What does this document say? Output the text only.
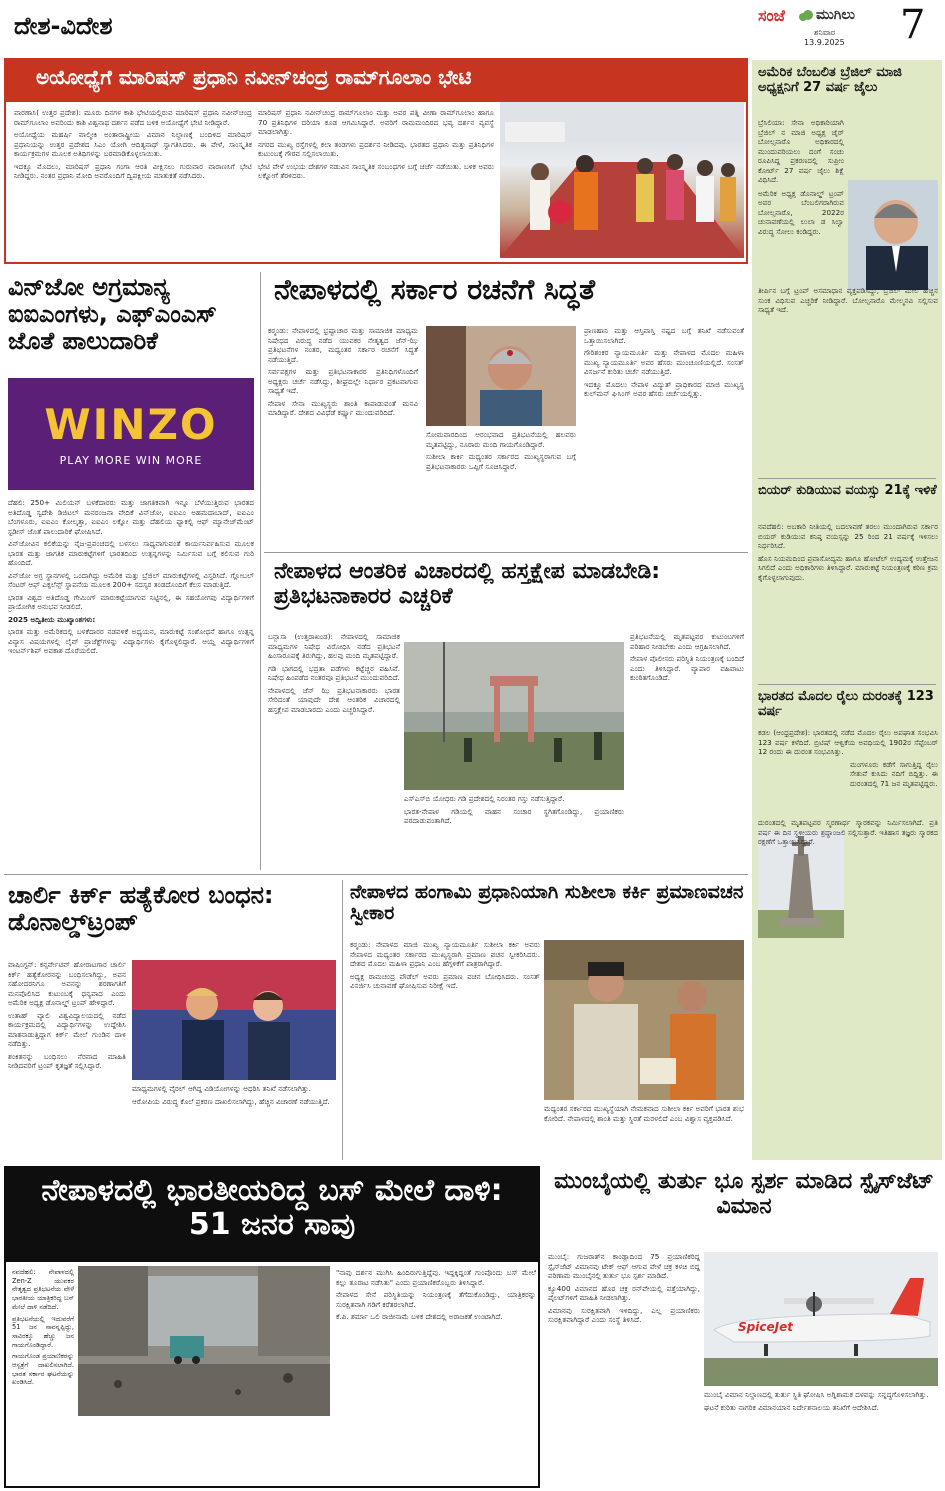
ದೇಶ-ವಿದೇಶ	ಸಂಜೆ ಮುಗಿಲು
ಶನಿವಾರ
13.9.2025 7
ಅಯೋಧ್ಯೆಗೆ ಮಾರಿಷಸ್ ಪ್ರಧಾನಿ ನವೀನ್‌ಚಂದ್ರ ರಾಮ್‌ಗೂಲಾಂ ಭೇಟಿ

ವಾರಣಾಸಿ( ಉತ್ತರ ಪ್ರದೇಶ): ಮೂರು ದಿನಗಳ ಕಾಶಿ ಭೇಟಿಯಲ್ಲಿರುವ ಮಾರಿಷಸ್ ಪ್ರಧಾನಿ ನವೀನ್‌ಚಂದ್ರ ರಾಮ್‌ಗೂಲಾಂ ಅವರಿಂದು ಕಾಶಿ ವಿಶ್ವನಾಥ ದರ್ಶನ ಪಡೆದ ಬಳಿಕ ಅಯೋಧ್ಯೆಗೆ ಭೇಟಿ ನೀಡಿದ್ದಾರೆ.

ಅಯೋಧ್ಯೆಯ ಮಹರ್ಷಿ ವಾಲ್ಮೀಕಿ ಅಂತಾರಾಷ್ಟ್ರೀಯ ವಿಮಾನ ನಿಲ್ದಾಣಕ್ಕೆ ಬಂದಿಳಿದ ಮಾರಿಷಸ್ ಪ್ರಧಾನಿಯನ್ನು ಉತ್ತರ ಪ್ರದೇಶದ ಸಿಎಂ ಯೋಗಿ ಆದಿತ್ಯನಾಥ್ ಸ್ವಾಗತಿಸಿದರು. ಈ ವೇಳೆ, ಸಾಂಸ್ಕೃತಿಕ ಕಾರ್ಯಕ್ರಮಗಳ ಮೂಲಕ ಅತಿಥಿಗಳನ್ನು ಬರಮಾಡಿಕೊಳ್ಳಲಾಯಿತು.

ಇದಕ್ಕೂ ಮೊದಲು, ಮಾರಿಷಸ್ ಪ್ರಧಾನಿ ಗಂಗಾ ಆರತಿ ವೀಕ್ಷಿಸಲು ಗುರುವಾರ ವಾರಾಣಸಿಗೆ ಭೇಟಿ ನೀಡಿದ್ದರು. ನಂತರ ಪ್ರಧಾನಿ ಮೋದಿ ಅವರೊಂದಿಗೆ ದ್ವಿಪಕ್ಷೀಯ ಮಾತುಕತೆ ನಡೆಸಿದರು.

ಮಾರಿಷಸ್ ಪ್ರಧಾನಿ ನವೀನ್‌ಚಂದ್ರ ರಾಮ್‌ಗೂಲಾಂ ಮತ್ತು ಅವರ ಪತ್ನಿ ವೀಣಾ ರಾಮ್‌ಗೂಲಾಂ ಹಾಗೂ 70 ಪ್ರತಿನಿಧಿಗಳ ದರಿಯಾ ಕೂಡ ಆಗಮಿಸಿದ್ದಾರೆ. ಅವರಿಗೆ ರಾಮಮಂದಿರದ ಭವ್ಯ ದರ್ಶನ ವ್ಯವಸ್ಥೆ ಮಾಡಲಾಗಿತ್ತು.

ನಗರದ ಮುಖ್ಯ ರಸ್ತೆಗಳಲ್ಲಿ ಕಲಾ ತಂಡಗಳು ಪ್ರದರ್ಶನ ನೀಡಿದವು. ಭಾರತದ ಪ್ರಧಾನಿ ಮತ್ತು ಪ್ರತಿನಿಧಿಗಳ ಕುಟುಂಬಕ್ಕೆ ಗೌರವ ಸಲ್ಲಿಸಲಾಯಿತು.

ಭೇಟಿ ವೇಳೆ ಉಭಯ ದೇಶಗಳ ನಡುವಿನ ಸಾಂಸ್ಕೃತಿಕ ಸಂಬಂಧಗಳ ಬಗ್ಗೆ ಚರ್ಚೆ ನಡೆಯಿತು. ಬಳಿಕ ಅವರು ಲಕ್ನೋಗೆ ತೆರಳಿದರು.

ಅಮೆರಿಕ ಬೆಂಬಲಿತ ಬ್ರೆಜಿಲ್ ಮಾಜಿ ಅಧ್ಯಕ್ಷನಿಗೆ 27 ವರ್ಷ ಜೈಲು

ಬ್ರೆಸಿಲಿಯಾ: ಸೇನಾ ಅಧಿಕಾರಿಯಾಗಿ ಬ್ರೆಜಿಲ್ ನ ಮಾಜಿ ಅಧ್ಯಕ್ಷ ಜೈರ್ ಬೋಲ್ಸನಾರೊ ಅಧಿಕಾರದಲ್ಲಿ ಮುಂದುವರಿಯಲು ದಂಗೆ ಸಂಚು ರೂಪಿಸಿದ್ದ ಪ್ರಕರಣದಲ್ಲಿ ಸುಪ್ರೀಂ ಕೋರ್ಟ್ 27 ವರ್ಷ ಜೈಲು ಶಿಕ್ಷೆ ವಿಧಿಸಿದೆ.

ಅಮೆರಿಕ ಅಧ್ಯಕ್ಷ ಡೊನಾಲ್ಡ್ ಟ್ರಂಪ್ ಅವರ ಬೆಂಬಲಿಗರಾಗಿರುವ ಬೋಲ್ಸನಾರೊ, 2022ರ ಚುನಾವಣೆಯಲ್ಲಿ ಲುಲಾ ಡ ಸಿಲ್ವಾ ವಿರುದ್ಧ ಸೋಲು ಕಂಡಿದ್ದರು.

ತೀರ್ಪಿನ ಬಗ್ಗೆ ಟ್ರಂಪ್ ಅಸಮಾಧಾನ ವ್ಯಕ್ತಪಡಿಸಿದ್ದು, ಬ್ರೆಜಿಲ್ ಮೇಲೆ ಹೆಚ್ಚಿನ ಸುಂಕ ವಿಧಿಸುವ ಎಚ್ಚರಿಕೆ ನೀಡಿದ್ದಾರೆ. ಬೋಲ್ಸನಾರೊ ಮೇಲ್ಮನವಿ ಸಲ್ಲಿಸುವ ಸಾಧ್ಯತೆ ಇದೆ.

ಬಿಯರ್ ಕುಡಿಯುವ ವಯಸ್ಸು 21ಕ್ಕೆ ಇಳಿಕೆ

ನವದೆಹಲಿ: ಅಬಕಾರಿ ನೀತಿಯಲ್ಲಿ ಬದಲಾವಣೆ ತರಲು ಮುಂದಾಗಿರುವ ಸರ್ಕಾರ ಬಿಯರ್ ಕುಡಿಯುವ ಕನಿಷ್ಠ ವಯಸ್ಸನ್ನು 25 ರಿಂದ 21 ವರ್ಷಕ್ಕೆ ಇಳಿಸಲು ನಿರ್ಧರಿಸಿದೆ.

ಹೊಸ ನಿಯಮದಿಂದ ಪ್ರವಾಸೋದ್ಯಮ ಹಾಗೂ ಹೋಟೆಲ್ ಉದ್ಯಮಕ್ಕೆ ಉತ್ತೇಜನ ಸಿಗಲಿದೆ ಎಂದು ಅಧಿಕಾರಿಗಳು ತಿಳಿಸಿದ್ದಾರೆ. ಮಾರುಕಟ್ಟೆ ನಿಯಂತ್ರಣಕ್ಕೆ ಕಠಿಣ ಕ್ರಮ ಕೈಗೊಳ್ಳಲಾಗುವುದು.

ಭಾರತದ ಮೊದಲ ರೈಲು ದುರಂತಕ್ಕೆ 123 ವರ್ಷ

ಕಡಲ (ಆಂಧ್ರಪ್ರದೇಶ): ಭಾರತದಲ್ಲಿ ನಡೆದ ಮೊದಲ ರೈಲು ಅಪಘಾತ ಸಂಭವಿಸಿ 123 ವರ್ಷ ಕಳೆದಿದೆ. ಬ್ರಿಟಿಷ್ ಆಳ್ವಿಕೆಯ ಅವಧಿಯಲ್ಲಿ 1902ರ ಸೆಪ್ಟೆಂಬರ್ 12 ರಂದು ಈ ದುರಂತ ಸಂಭವಿಸಿತ್ತು.

ಮಂಗಳೂರು ಕಡೆಗೆ ಸಾಗುತ್ತಿದ್ದ ರೈಲು ಸೇತುವೆ ಕುಸಿದು ನದಿಗೆ ಬಿದ್ದಿತ್ತು. ಈ ದುರಂತದಲ್ಲಿ 71 ಜನ ಮೃತಪಟ್ಟಿದ್ದರು.

ದುರಂತದಲ್ಲಿ ಮೃತಪಟ್ಟವರ ಸ್ಮರಣಾರ್ಥ ಸ್ಮಾರಕವನ್ನು ನಿರ್ಮಿಸಲಾಗಿದೆ. ಪ್ರತಿ ವರ್ಷ ಈ ದಿನ ಸ್ಥಳೀಯರು ಶ್ರದ್ಧಾಂಜಲಿ ಸಲ್ಲಿಸುತ್ತಾರೆ. ಇತಿಹಾಸ ತಜ್ಞರು ಸ್ಮಾರಕದ ರಕ್ಷಣೆಗೆ ಒತ್ತಾಯಿಸಿದ್ದಾರೆ.

ವಿನ್‌ಜೋ ಅಗ್ರಮಾನ್ಯ ಐಐಎಂಗಳು, ಎಫ್‌ಎಂಎಸ್ ಜೊತೆ ಪಾಲುದಾರಿಕೆ
WINZO
PLAY MORE WIN MORE

ದೆಹಲಿ: 250+ ಮಿಲಿಯನ್ ಬಳಕೆದಾರರು ಮತ್ತು ಜಾಗತಿಕವಾಗಿ ಇನ್ನೂ ಬೆಳೆಯುತ್ತಿರುವ ಭಾರತದ ಅತಿದೊಡ್ಡ ಸ್ವದೇಶಿ ಡಿಜಿಟಲ್ ಮನರಂಜನಾ ವೇದಿಕೆ ವಿನ್‌ಜೋ, ಐಐಎಂ ಅಹಮದಾಬಾದ್, ಐಐಎಂ ಬೆಂಗಳೂರು, ಐಐಎಂ ಕೋಲ್ಕತ್ತಾ, ಐಐಎಂ ಲಕ್ನೋ ಮತ್ತು ದೆಹಲಿಯ ಫ್ಯಾಕಲ್ಟಿ ಆಫ್ ಮ್ಯಾನೇಜ್‌ಮೆಂಟ್ ಸ್ಟಡೀಸ್ ಜೊತೆ ಪಾಲುದಾರಿಕೆ ಘೋಷಿಸಿದೆ.

ವಿನ್‌ಜೋವಿನ ಕಲಿಕೆಯನ್ನು ನೈಜ-ಪ್ರಪಂಚದಲ್ಲಿ ಬಳಸಲು ಸಾಧ್ಯವಾಗುವಂತೆ ಕಾರ್ಯನಿರ್ವಹಿಸುವ ಮೂಲಕ ಭಾರತ ಮತ್ತು ಜಾಗತಿಕ ಮಾರುಕಟ್ಟೆಗಳಿಗೆ ಭಾರತದಿಂದ ಉತ್ಪನ್ನಗಳನ್ನು ನಿರ್ಮಿಸುವ ಬಗ್ಗೆ ಕಲಿಸುವ ಗುರಿ ಹೊಂದಿದೆ.

ವಿನ್‌ಜೋ ಅಗ್ರ ಸ್ಥಾನಗಳಲ್ಲಿ ಒಂದಾಗಿದ್ದು ಅಮೆರಿಕ ಮತ್ತು ಬ್ರೆಜಿಲ್ ಮಾರುಕಟ್ಟೆಗಳಲ್ಲಿ ವಿಸ್ತರಿಸಿದೆ. ಗ್ಲೋಬಲ್ ಸೆಂಟರ್ ಆಫ್ ಎಕ್ಸಲೆನ್ಸ್ ಸ್ಥಾಪನೆಯ ಮೂಲಕ 200+ ಸದಸ್ಯರ ತಂಡದೊಂದಿಗೆ ಕೆಲಸ ಮಾಡುತ್ತಿದೆ.

ಭಾರತ ವಿಶ್ವದ ಅತಿದೊಡ್ಡ ಗೇಮಿಂಗ್ ಮಾರುಕಟ್ಟೆಯಾಗುವ ನಿಟ್ಟಿನಲ್ಲಿ, ಈ ಸಹಯೋಗವು ವಿದ್ಯಾರ್ಥಿಗಳಿಗೆ ಪ್ರಾಯೋಗಿಕ ಅನುಭವ ನೀಡಲಿದೆ.

2025 ಅದ್ವಿತೀಯ ಮುಖ್ಯಾಂಶಗಳು:

ಭಾರತ ಮತ್ತು ಅಮೆರಿಕದಲ್ಲಿ ಬಳಕೆದಾರರ ನಡವಳಿಕೆ ಅಧ್ಯಯನ, ಮಾರುಕಟ್ಟೆ ಸಂಶೋಧನೆ ಹಾಗೂ ಉತ್ಪನ್ನ ವಿನ್ಯಾಸ ವಿಷಯಗಳಲ್ಲಿ ಲೈವ್ ಪ್ರಾಜೆಕ್ಟ್‌ಗಳನ್ನು ವಿದ್ಯಾರ್ಥಿಗಳು ಕೈಗೊಳ್ಳಲಿದ್ದಾರೆ. ಆಯ್ದ ವಿದ್ಯಾರ್ಥಿಗಳಿಗೆ ಇಂಟರ್ನ್‌ಶಿಪ್ ಅವಕಾಶ ದೊರೆಯಲಿದೆ.

ನೇಪಾಳದಲ್ಲಿ ಸರ್ಕಾರ ರಚನೆಗೆ ಸಿದ್ಧತೆ

ಕಠ್ಮಂಡು: ನೇಪಾಳದಲ್ಲಿ ಭ್ರಷ್ಟಾಚಾರ ಮತ್ತು ಸಾಮಾಜಿಕ ಮಾಧ್ಯಮ ನಿಷೇಧದ ವಿರುದ್ಧ ನಡೆದ ಯುವಕರ ನೇತೃತ್ವದ ಜೆನ್-ಝಿ ಪ್ರತಿಭಟನೆಗಳ ನಂತರ, ಮಧ್ಯಂತರ ಸರ್ಕಾರ ರಚನೆಗೆ ಸಿದ್ಧತೆ ನಡೆಯುತ್ತಿದೆ.

ಸರ್ವಪಕ್ಷಗಳ ಮತ್ತು ಪ್ರತಿಭಟನಾಕಾರರ ಪ್ರತಿನಿಧಿಗಳೊಂದಿಗೆ ಅಧ್ಯಕ್ಷರು ಚರ್ಚೆ ನಡೆಸಿದ್ದು, ಶೀಘ್ರದಲ್ಲೇ ನಿರ್ಧಾರ ಪ್ರಕಟವಾಗುವ ಸಾಧ್ಯತೆ ಇದೆ.

ನೇಪಾಳ ಸೇನಾ ಮುಖ್ಯಸ್ಥರು ಶಾಂತಿ ಕಾಪಾಡುವಂತೆ ಮನವಿ ಮಾಡಿದ್ದಾರೆ. ದೇಶದ ವಿವಿಧೆಡೆ ಕರ್ಫ್ಯೂ ಮುಂದುವರಿದಿದೆ.

ಸೋಮವಾರದಿಂದ ಆರಂಭವಾದ ಪ್ರತಿಭಟನೆಯಲ್ಲಿ ಹಲವರು ಮೃತಪಟ್ಟಿದ್ದು, ನೂರಾರು ಮಂದಿ ಗಾಯಗೊಂಡಿದ್ದಾರೆ.

ಸುಶೀಲಾ ಕಾರ್ಕಿ ಮಧ್ಯಂತರ ಸರ್ಕಾರದ ಮುಖ್ಯಸ್ಥರಾಗುವ ಬಗ್ಗೆ ಪ್ರತಿಭಟನಾಕಾರರು ಒಪ್ಪಿಗೆ ಸೂಚಿಸಿದ್ದಾರೆ.

ಪ್ರಾಣಹಾನಿ ಮತ್ತು ಆಸ್ತಿಪಾಸ್ತಿ ನಷ್ಟದ ಬಗ್ಗೆ ತನಿಖೆ ನಡೆಸುವಂತೆ ಒತ್ತಾಯಿಸಲಾಗಿದೆ.

ಗೌರಿಶಂಕರ ನ್ಯಾಯಮೂರ್ತಿ ಮತ್ತು ನೇಪಾಳದ ಮೊದಲ ಮಹಿಳಾ ಮುಖ್ಯ ನ್ಯಾಯಮೂರ್ತಿ ಅವರ ಹೆಸರು ಮುಂಚೂಣಿಯಲ್ಲಿದೆ. ಸಂಸತ್ ವಿಸರ್ಜನೆ ಕುರಿತು ಚರ್ಚೆ ನಡೆಯುತ್ತಿದೆ.

ಇದಕ್ಕೂ ಮೊದಲು ನೇಪಾಳ ವಿದ್ಯುತ್ ಪ್ರಾಧಿಕಾರದ ಮಾಜಿ ಮುಖ್ಯಸ್ಥ ಕುಲ್‌ಮನ್ ಘಿಸಿಂಗ್ ಅವರ ಹೆಸರು ಚರ್ಚೆಯಲ್ಲಿತ್ತು.

ನೇಪಾಳದ ಆಂತರಿಕ ವಿಚಾರದಲ್ಲಿ ಹಸ್ತಕ್ಷೇಪ ಮಾಡಬೇಡಿ: ಪ್ರತಿಭಟನಾಕಾರರ ಎಚ್ಚರಿಕೆ

ಬನ್ಬಾಸಾ (ಉತ್ತರಾಖಂಡ): ನೇಪಾಳದಲ್ಲಿ ಸಾಮಾಜಿಕ ಮಾಧ್ಯಮಗಳ ನಿಷೇಧ ವಿರೋಧಿಸಿ ನಡೆದ ಪ್ರತಿಭಟನೆ ಹಿಂಸಾರೂಪಕ್ಕೆ ತಿರುಗಿದ್ದು, ಹಲವು ಮಂದಿ ಮೃತಪಟ್ಟಿದ್ದಾರೆ.

ಗಡಿ ಭಾಗದಲ್ಲಿ ಭದ್ರತಾ ಪಡೆಗಳು ಕಟ್ಟೆಚ್ಚರ ವಹಿಸಿವೆ. ನಿಷೇಧ ಹಿಂಪಡೆದ ನಂತರವೂ ಪ್ರತಿಭಟನೆ ಮುಂದುವರಿದಿದೆ.

ನೇಪಾಳದಲ್ಲಿ ಜೆನ್ ಝಿ ಪ್ರತಿಭಟನಾಕಾರರು ಭಾರತ ಸೇರಿದಂತೆ ಯಾವುದೇ ದೇಶ ಆಂತರಿಕ ವಿಚಾರದಲ್ಲಿ ಹಸ್ತಕ್ಷೇಪ ಮಾಡಬಾರದು ಎಂದು ಎಚ್ಚರಿಸಿದ್ದಾರೆ.

ಎಸ್‌ಎಸ್‌ಬಿ ಯೋಧರು ಗಡಿ ಪ್ರದೇಶದಲ್ಲಿ ನಿರಂತರ ಗಸ್ತು ನಡೆಸುತ್ತಿದ್ದಾರೆ.

ಭಾರತ-ನೇಪಾಳ ಗಡಿಯಲ್ಲಿ ವಾಹನ ಸಂಚಾರ ಸ್ಥಗಿತಗೊಂಡಿದ್ದು, ಪ್ರಯಾಣಿಕರು ಪರದಾಡುವಂತಾಗಿದೆ.

ಪ್ರತಿಭಟನೆಯಲ್ಲಿ ಮೃತಪಟ್ಟವರ ಕುಟುಂಬಗಳಿಗೆ ಪರಿಹಾರ ನೀಡಬೇಕು ಎಂದು ಆಗ್ರಹಿಸಲಾಗಿದೆ.

ನೇಪಾಳ ಪೊಲೀಸರು ಪರಿಸ್ಥಿತಿ ನಿಯಂತ್ರಣಕ್ಕೆ ಬಂದಿದೆ ಎಂದು ತಿಳಿಸಿದ್ದಾರೆ. ವ್ಯಾಪಾರ ವಹಿವಾಟು ಕುಂಠಿತಗೊಂಡಿದೆ.

ಚಾರ್ಲಿ ಕಿರ್ಕ್ ಹತ್ಯೆಕೋರ ಬಂಧನ: ಡೊನಾಲ್ಡ್‌ಟ್ರಂಪ್

ವಾಷಿಂಗ್ಟನ್: ಕನ್ಸರ್ವೇಟಿವ್ ಹೋರಾಟಗಾರ ಚಾರ್ಲಿ ಕಿರ್ಕ್ ಹತ್ಯೆಕೋರನನ್ನು ಬಂಧಿಸಲಾಗಿದ್ದು, ಅವನ ಸಹೋದರನಿಗೂ ಅವನನ್ನು ಶರಣಾಗತಿಗೆ ಮನವೊಲಿಸಿದ ಕುಟುಂಬಕ್ಕೆ ಧನ್ಯವಾದ ಎಂದು ಅಮೆರಿಕ ಅಧ್ಯಕ್ಷ ಡೊನಾಲ್ಡ್ ಟ್ರಂಪ್ ಹೇಳಿದ್ದಾರೆ.

ಉತಾಹ್ ವ್ಯಾಲಿ ವಿಶ್ವವಿದ್ಯಾಲಯದಲ್ಲಿ ನಡೆದ ಕಾರ್ಯಕ್ರಮದಲ್ಲಿ ವಿದ್ಯಾರ್ಥಿಗಳನ್ನು ಉದ್ದೇಶಿಸಿ ಮಾತನಾಡುತ್ತಿದ್ದಾಗ ಕಿರ್ಕ್ ಮೇಲೆ ಗುಂಡಿನ ದಾಳಿ ನಡೆದಿತ್ತು.

ಶಂಕಿತನನ್ನು ಬಂಧಿಸಲು ನೆರವಾದ ಮಾಹಿತಿ ನೀಡಿದವರಿಗೆ ಟ್ರಂಪ್ ಕೃತಜ್ಞತೆ ಸಲ್ಲಿಸಿದ್ದಾರೆ.

ಮಾಧ್ಯಮಗಳಲ್ಲಿ ವೈರಲ್ ಆಗಿದ್ದ ವಿಡಿಯೋಗಳನ್ನು ಆಧರಿಸಿ ತನಿಖೆ ನಡೆಸಲಾಗಿತ್ತು.

ಆರೋಪಿಯ ವಿರುದ್ಧ ಕೊಲೆ ಪ್ರಕರಣ ದಾಖಲಿಸಲಾಗಿದ್ದು, ಹೆಚ್ಚಿನ ವಿಚಾರಣೆ ನಡೆಯುತ್ತಿದೆ.

ನೇಪಾಳದ ಹಂಗಾಮಿ ಪ್ರಧಾನಿಯಾಗಿ ಸುಶೀಲಾ ಕರ್ಕಿ ಪ್ರಮಾಣವಚನ ಸ್ವೀಕಾರ

ಕಠ್ಮಂಡು: ನೇಪಾಳದ ಮಾಜಿ ಮುಖ್ಯ ನ್ಯಾಯಮೂರ್ತಿ ಸುಶೀಲಾ ಕರ್ಕಿ ಅವರು ನೇಪಾಳದ ಮಧ್ಯಂತರ ಸರ್ಕಾರದ ಮುಖ್ಯಸ್ಥರಾಗಿ ಪ್ರಮಾಣ ವಚನ ಸ್ವೀಕರಿಸಿದರು. ದೇಶದ ಮೊದಲ ಮಹಿಳಾ ಪ್ರಧಾನಿ ಎಂಬ ಹೆಗ್ಗಳಿಕೆಗೆ ಪಾತ್ರರಾಗಿದ್ದಾರೆ.

ಅಧ್ಯಕ್ಷ ರಾಮಚಂದ್ರ ಪೌಡೆಲ್ ಅವರು ಪ್ರಮಾಣ ವಚನ ಬೋಧಿಸಿದರು. ಸಂಸತ್ ವಿಸರ್ಜಿಸಿ ಚುನಾವಣೆ ಘೋಷಿಸುವ ನಿರೀಕ್ಷೆ ಇದೆ.

ಮಧ್ಯಂತರ ಸರ್ಕಾರದ ಮುಖ್ಯಸ್ಥೆಯಾಗಿ ನೇಮಕವಾದ ಸುಶೀಲಾ ಕರ್ಕಿ ಅವರಿಗೆ ಭಾರತ ಶುಭ ಕೋರಿದೆ. ನೇಪಾಳದಲ್ಲಿ ಶಾಂತಿ ಮತ್ತು ಸ್ಥಿರತೆ ಮರಳಲಿದೆ ಎಂಬ ವಿಶ್ವಾಸ ವ್ಯಕ್ತಪಡಿಸಿದೆ.

ನೇಪಾಳದಲ್ಲಿ ಭಾರತೀಯರಿದ್ದ ಬಸ್ ಮೇಲೆ ದಾಳಿ: 51 ಜನರ ಸಾವು

ನವದೆಹಲಿ: ನೇಪಾಳದಲ್ಲಿ Zen-Z ಯುವಕರ ನೇತೃತ್ವದ ಪ್ರತಿಭಟನೆಯ ವೇಳೆ ಭಾರತೀಯ ಯಾತ್ರಿಕರಿದ್ದ ಬಸ್ ಮೇಲೆ ದಾಳಿ ನಡೆದಿದೆ.

ಪ್ರತಿಭಟನೆಯಲ್ಲಿ ಇದುವರೆಗೆ 51 ಜನ ಸಾವನ್ನಪ್ಪಿದ್ದು, ಸಾವಿರಕ್ಕೂ ಹೆಚ್ಚು ಜನ ಗಾಯಗೊಂಡಿದ್ದಾರೆ.

ಗಾಯಗೊಂಡ ಪ್ರಯಾಣಿಕರನ್ನು ಆಸ್ಪತ್ರೆಗೆ ದಾಖಲಿಸಲಾಗಿದೆ. ಭಾರತ ಸರ್ಕಾರ ಘಟನೆಯನ್ನು ಖಂಡಿಸಿದೆ.

"ನಾವು ದರ್ಶನ ಮುಗಿಸಿ ಹಿಂದಿರುಗುತ್ತಿದ್ದೆವು. ಇದ್ದಕ್ಕಿದ್ದಂತೆ ಗುಂಪೊಂದು ಬಸ್ ಮೇಲೆ ಕಲ್ಲು ತೂರಾಟ ನಡೆಸಿತು" ಎಂದು ಪ್ರಯಾಣಿಕರೊಬ್ಬರು ತಿಳಿಸಿದ್ದಾರೆ.

ನೇಪಾಳದ ಸೇನೆ ಪರಿಸ್ಥಿತಿಯನ್ನು ನಿಯಂತ್ರಣಕ್ಕೆ ತೆಗೆದುಕೊಂಡಿದ್ದು, ಯಾತ್ರಿಕರನ್ನು ಸುರಕ್ಷಿತವಾಗಿ ಗಡಿಗೆ ಕರೆತರಲಾಗಿದೆ.

ಕೆ.ಪಿ. ಶರ್ಮಾ ಒಲಿ ರಾಜೀನಾಮೆ ಬಳಿಕ ದೇಶದಲ್ಲಿ ಅರಾಜಕತೆ ಉಂಟಾಗಿದೆ.

ಮುಂಬೈಯಲ್ಲಿ ತುರ್ತು ಭೂ ಸ್ಪರ್ಶ ಮಾಡಿದ ಸ್ಪೈಸ್‌ಜೆಟ್ ವಿಮಾನ

ಮುಂಬೈ: ಗುಜರಾತ್‌ನ ಕಾಂಡ್ಲಾದಿಂದ 75 ಪ್ರಯಾಣಿಕರಿದ್ದ ಸ್ಪೈಸ್‌ಜೆಟ್ ವಿಮಾನವು ಟೇಕ್ ಆಫ್ ಆಗುವ ವೇಳೆ ಚಕ್ರ ಕಳಚಿ ಬಿದ್ದ ಪರಿಣಾಮ ಮುಂಬೈನಲ್ಲಿ ತುರ್ತು ಭೂ ಸ್ಪರ್ಶ ಮಾಡಿದೆ.

ಕ್ಯೂ400 ವಿಮಾನದ ಹೊರ ಚಕ್ರ ರನ್‌ವೇಯಲ್ಲಿ ಪತ್ತೆಯಾಗಿದ್ದು, ಪೈಲಟ್‌ಗಳಿಗೆ ಮಾಹಿತಿ ನೀಡಲಾಗಿತ್ತು.

ವಿಮಾನವು ಸುರಕ್ಷಿತವಾಗಿ ಇಳಿದಿದ್ದು, ಎಲ್ಲ ಪ್ರಯಾಣಿಕರು ಸುರಕ್ಷಿತವಾಗಿದ್ದಾರೆ ಎಂದು ಸಂಸ್ಥೆ ತಿಳಿಸಿದೆ.

SpiceJet

ಮುಂಬೈ ವಿಮಾನ ನಿಲ್ದಾಣದಲ್ಲಿ ತುರ್ತು ಸ್ಥಿತಿ ಘೋಷಿಸಿ ಅಗ್ನಿಶಾಮಕ ದಳವನ್ನು ಸನ್ನದ್ಧಗೊಳಿಸಲಾಗಿತ್ತು.

ಘಟನೆ ಕುರಿತು ನಾಗರಿಕ ವಿಮಾನಯಾನ ನಿರ್ದೇಶನಾಲಯ ತನಿಖೆಗೆ ಆದೇಶಿಸಿದೆ.
